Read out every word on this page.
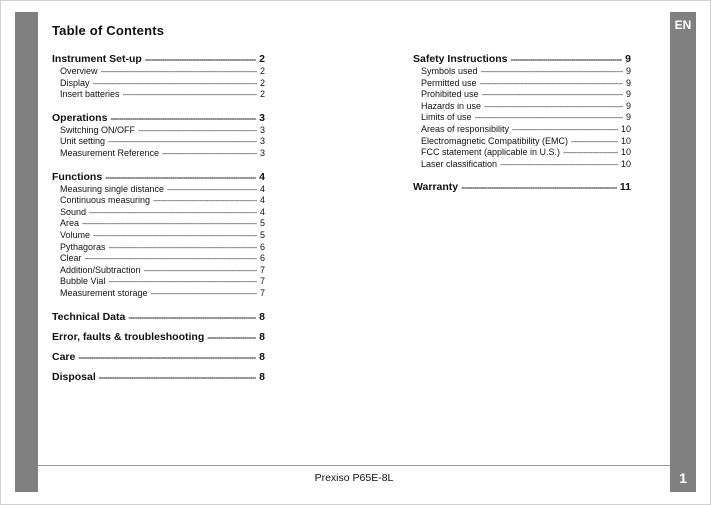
EN
1
Table of Contents
Instrument Set-up -----	2
Overview -----	2
Display -----	2
Insert batteries -----	2
Operations -----	3
Switching ON/OFF -----	3
Unit setting -----	3
Measurement Reference -----	3
Functions -----	4
Measuring single distance -----	4
Continuous measuring -----	4
Sound -----	4
Area -----	5
Volume -----	5
Pythagoras -----	6
Clear -----	6
Addition/Subtraction -----	7
Bubble Vial -----	7
Measurement storage -----	7
Technical Data -----	8
Error, faults & troubleshooting -----	8
Care -----	8
Disposal -----	8
Safety Instructions -----	9
Symbols used -----	9
Permitted use -----	9
Prohibited use -----	9
Hazards in use -----	9
Limits of use -----	9
Areas of responsibility -----	10
Electromagnetic Compatibility (EMC) -----	10
FCC statement (applicable in U.S.) -----	10
Laser classification -----	10
Warranty -----	11
Prexiso P65E-8L
